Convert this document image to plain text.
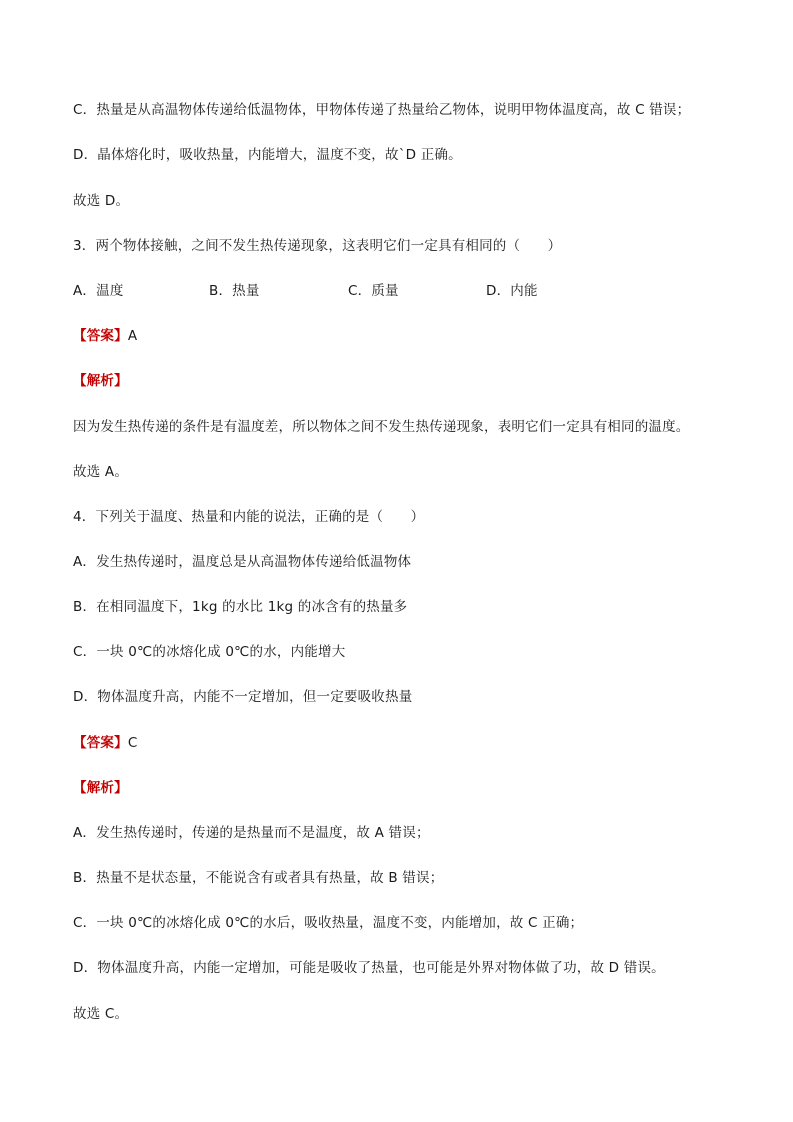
C．热量是从高温物体传递给低温物体，甲物体传递了热量给乙物体，说明甲物体温度高，故 C 错误；
D．晶体熔化时，吸收热量，内能增大，温度不变，故`D 正确。
故选 D。
3．两个物体接触，之间不发生热传递现象，这表明它们一定具有相同的（　　）
A．温度	B．热量	C．质量	D．内能
【答案】A
【解析】
因为发生热传递的条件是有温度差，所以物体之间不发生热传递现象，表明它们一定具有相同的温度。
故选 A。
4．下列关于温度、热量和内能的说法，正确的是（　　）
A．发生热传递时，温度总是从高温物体传递给低温物体
B．在相同温度下，1kg 的水比 1kg 的冰含有的热量多
C．一块 0℃的冰熔化成 0℃的水，内能增大
D．物体温度升高，内能不一定增加，但一定要吸收热量
【答案】C
【解析】
A．发生热传递时，传递的是热量而不是温度，故 A 错误；
B．热量不是状态量，不能说含有或者具有热量，故 B 错误；
C．一块 0℃的冰熔化成 0℃的水后，吸收热量，温度不变，内能增加，故 C 正确；
D．物体温度升高，内能一定增加，可能是吸收了热量，也可能是外界对物体做了功，故 D 错误。
故选 C。
